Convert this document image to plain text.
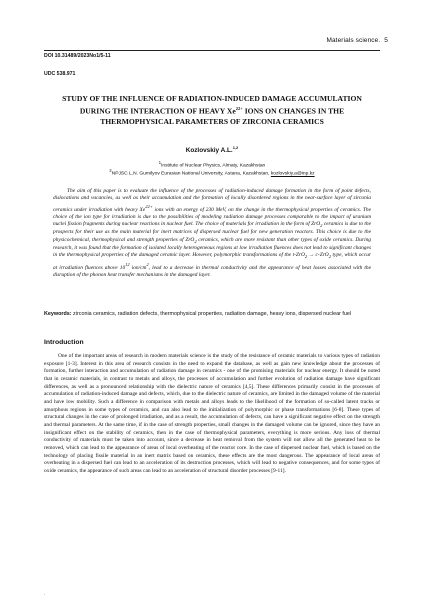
Materials science. 5
DOI 10.31489/2023No1/5-11
UDC 538.971
STUDY OF THE INFLUENCE OF RADIATION-INDUCED DAMAGE ACCUMULATION DURING THE INTERACTION OF HEAVY $Xe^{22+}$ IONS ON CHANGES IN THE THERMOPHYSICAL PARAMETERS OF ZIRCONIA CERAMICS
Kozlovskiy A.L.$^{1,2}$
$^1$Institute of Nuclear Physics, Almaty, Kazakhstan
$^2$NPJSC L.N. Gumilyov Eurasian National University, Astana, Kazakhstan, kozlovskiy.a@inp.kz
The aim of this paper is to evaluate the influence of the processes of radiation-induced damage formation in the form of point defects, dislocations and vacancies, as well as their accumulation and the formation of locally disordered regions in the near-surface layer of zirconia ceramics under irradiation with heavy $Xe^{22+}$ ions with an energy of 230 MeV, on the change in the thermophysical properties of ceramics. The choice of the ion type for irradiation is due to the possibilities of modeling radiation damage processes comparable to the impact of uranium nuclei fission fragments during nuclear reactions in nuclear fuel. The choice of materials for irradiation in the form of ZrO$_2$ ceramics is due to the prospects for their use as the main material for inert matrices of dispersed nuclear fuel for new generation reactors. This choice is due to the physicochemical, thermophysical and strength properties of ZrO$_2$ ceramics, which are more resistant than other types of oxide ceramics. During research, it was found that the formation of isolated locally heterogeneous regions at low irradiation fluences does not lead to significant changes in the thermophysical properties of the damaged ceramic layer. However, polymorphic transformations of the t-ZrO$_2$ → c-ZrO$_2$ type, which occur at irradiation fluences above $10^{12}$ ion/$cm^2$, lead to a decrease in thermal conductivity and the appearance of heat losses associated with the disruption of the phonon heat transfer mechanisms in the damaged layer.
Keywords: zirconia ceramics, radiation defects, thermophysical properties, radiation damage, heavy ions, dispersed nuclear fuel
Introduction
One of the important areas of research in modern materials science is the study of the resistance of ceramic materials to various types of radiation exposure [1-3]. Interest in this area of research consists in the need to expand the database, as well as gain new knowledge about the processes of formation, further interaction and accumulation of radiation damage in ceramics - one of the promising materials for nuclear energy. It should be noted that in ceramic materials, in contrast to metals and alloys, the processes of accumulation and further evolution of radiation damage have significant differences, as well as a pronounced relationship with the dielectric nature of ceramics [4,5]. These differences primarily consist in the processes of accumulation of radiation-induced damage and defects, which, due to the dielectric nature of ceramics, are limited in the damaged volume of the material and have low mobility. Such a difference in comparison with metals and alloys leads to the likelihood of the formation of so-called latent tracks or amorphous regions in some types of ceramics, and can also lead to the initialization of polymorphic or phase transformations [6-8]. These types of structural changes in the case of prolonged irradiation, and as a result, the accumulation of defects, can have a significant negative effect on the strength and thermal parameters. At the same time, if in the case of strength properties, small changes in the damaged volume can be ignored, since they have an insignificant effect on the stability of ceramics, then in the case of thermophysical parameters, everything is more serious. Any loss of thermal conductivity of materials must be taken into account, since a decrease in heat removal from the system will not allow all the generated heat to be removed, which can lead to the appearance of areas of local overheating of the reactor core. In the case of dispersed nuclear fuel, which is based on the technology of placing fissile material in an inert matrix based on ceramics, these effects are the most dangerous. The appearance of local areas of overheating in a dispersed fuel can lead to an acceleration of its destruction processes, which will lead to negative consequences, and for some types of oxide ceramics, the appearance of such areas can lead to an acceleration of structural disorder processes [9-11].
.
